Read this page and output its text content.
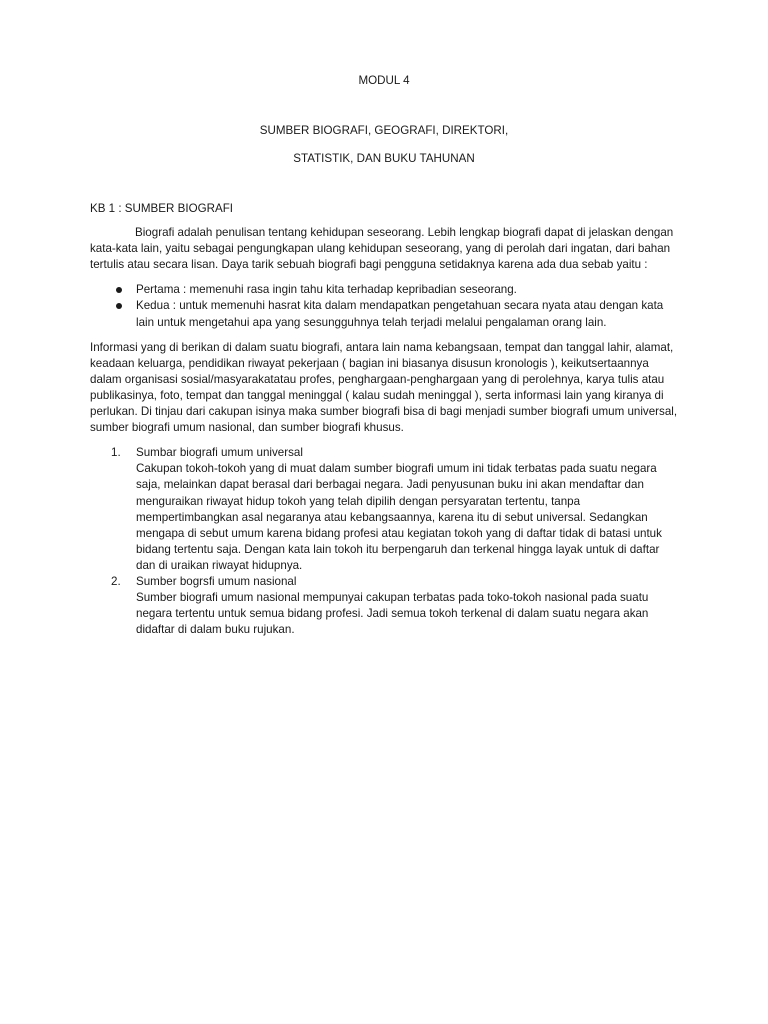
MODUL 4

SUMBER BIOGRAFI, GEOGRAFI, DIREKTORI,

STATISTIK, DAN BUKU TAHUNAN

KB 1 : SUMBER BIOGRAFI

Biografi adalah penulisan tentang kehidupan seseorang. Lebih lengkap biografi dapat di jelaskan dengan kata-kata lain, yaitu sebagai pengungkapan ulang kehidupan seseorang, yang di perolah dari ingatan, dari bahan tertulis atau secara lisan. Daya tarik sebuah biografi bagi pengguna setidaknya karena ada dua sebab yaitu :

Pertama : memenuhi rasa ingin tahu kita terhadap kepribadian seseorang.
Kedua : untuk memenuhi hasrat kita dalam mendapatkan pengetahuan secara nyata atau dengan kata lain untuk mengetahui apa yang sesungguhnya telah terjadi melalui pengalaman orang lain.

Informasi yang di berikan di dalam suatu biografi, antara lain nama kebangsaan, tempat dan tanggal lahir, alamat, keadaan keluarga, pendidikan riwayat pekerjaan ( bagian ini biasanya disusun kronologis ), keikutsertaannya dalam organisasi sosial/masyarakatatau profes, penghargaan-penghargaan yang di perolehnya, karya tulis atau publikasinya, foto, tempat dan tanggal meninggal ( kalau sudah meninggal ), serta informasi lain yang kiranya di perlukan. Di tinjau dari cakupan isinya maka sumber biografi bisa di bagi menjadi sumber biografi umum universal, sumber biografi umum nasional, dan sumber biografi khusus.

1. Sumbar biografi umum universal

Cakupan tokoh-tokoh yang di muat dalam sumber biografi umum ini tidak terbatas pada suatu negara saja, melainkan dapat berasal dari berbagai negara. Jadi penyusunan buku ini akan mendaftar dan menguraikan riwayat hidup tokoh yang telah dipilih dengan persyaratan tertentu, tanpa mempertimbangkan asal negaranya atau kebangsaannya, karena itu di sebut universal. Sedangkan mengapa di sebut umum karena bidang profesi atau kegiatan tokoh yang di daftar tidak di batasi untuk bidang tertentu saja. Dengan kata lain tokoh itu berpengaruh dan terkenal hingga layak untuk di daftar dan di uraikan riwayat hidupnya.

2. Sumber bogrsfi umum nasional

Sumber biografi umum nasional mempunyai cakupan terbatas pada toko-tokoh nasional pada suatu negara tertentu untuk semua bidang profesi. Jadi semua tokoh terkenal di dalam suatu negara akan didaftar di dalam buku rujukan.
